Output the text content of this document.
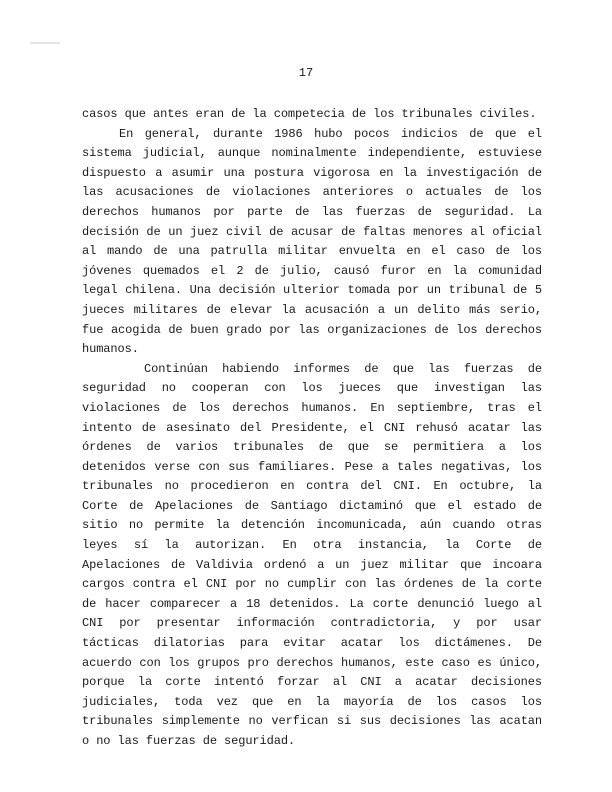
17

casos que antes eran de la competecia de los tribunales civiles.

En general, durante 1986 hubo pocos indicios de que el sistema judicial, aunque nominalmente independiente, estuviese dispuesto a asumir una postura vigorosa en la investigación de las acusaciones de violaciones anteriores o actuales de los derechos humanos por parte de las fuerzas de seguridad. La decisión de un juez civil de acusar de faltas menores al oficial al mando de una patrulla militar envuelta en el caso de los jóvenes quemados el 2 de julio, causó furor en la comunidad legal chilena. Una decisión ulterior tomada por un tribunal de 5 jueces militares de elevar la acusación a un delito más serio, fue acogida de buen grado por las organizaciones de los derechos humanos.

Continúan habiendo informes de que las fuerzas de seguridad no cooperan con los jueces que investigan las violaciones de los derechos humanos. En septiembre, tras el intento de asesinato del Presidente, el CNI rehusó acatar las órdenes de varios tribunales de que se permitiera a los detenidos verse con sus familiares. Pese a tales negativas, los tribunales no procedieron en contra del CNI. En octubre, la Corte de Apelaciones de Santiago dictaminó que el estado de sitio no permite la detención incomunicada, aún cuando otras leyes sí la autorizan. En otra instancia, la Corte de Apelaciones de Valdivia ordenó a un juez militar que incoara cargos contra el CNI por no cumplir con las órdenes de la corte de hacer comparecer a 18 detenidos. La corte denunció luego al CNI por presentar información contradictoria, y por usar tácticas dilatorias para evitar acatar los dictámenes. De acuerdo con los grupos pro derechos humanos, este caso es único, porque la corte intentó forzar al CNI a acatar decisiones judiciales, toda vez que en la mayoría de los casos los tribunales simplemente no verfican si sus decisiones las acatan o no las fuerzas de seguridad.
